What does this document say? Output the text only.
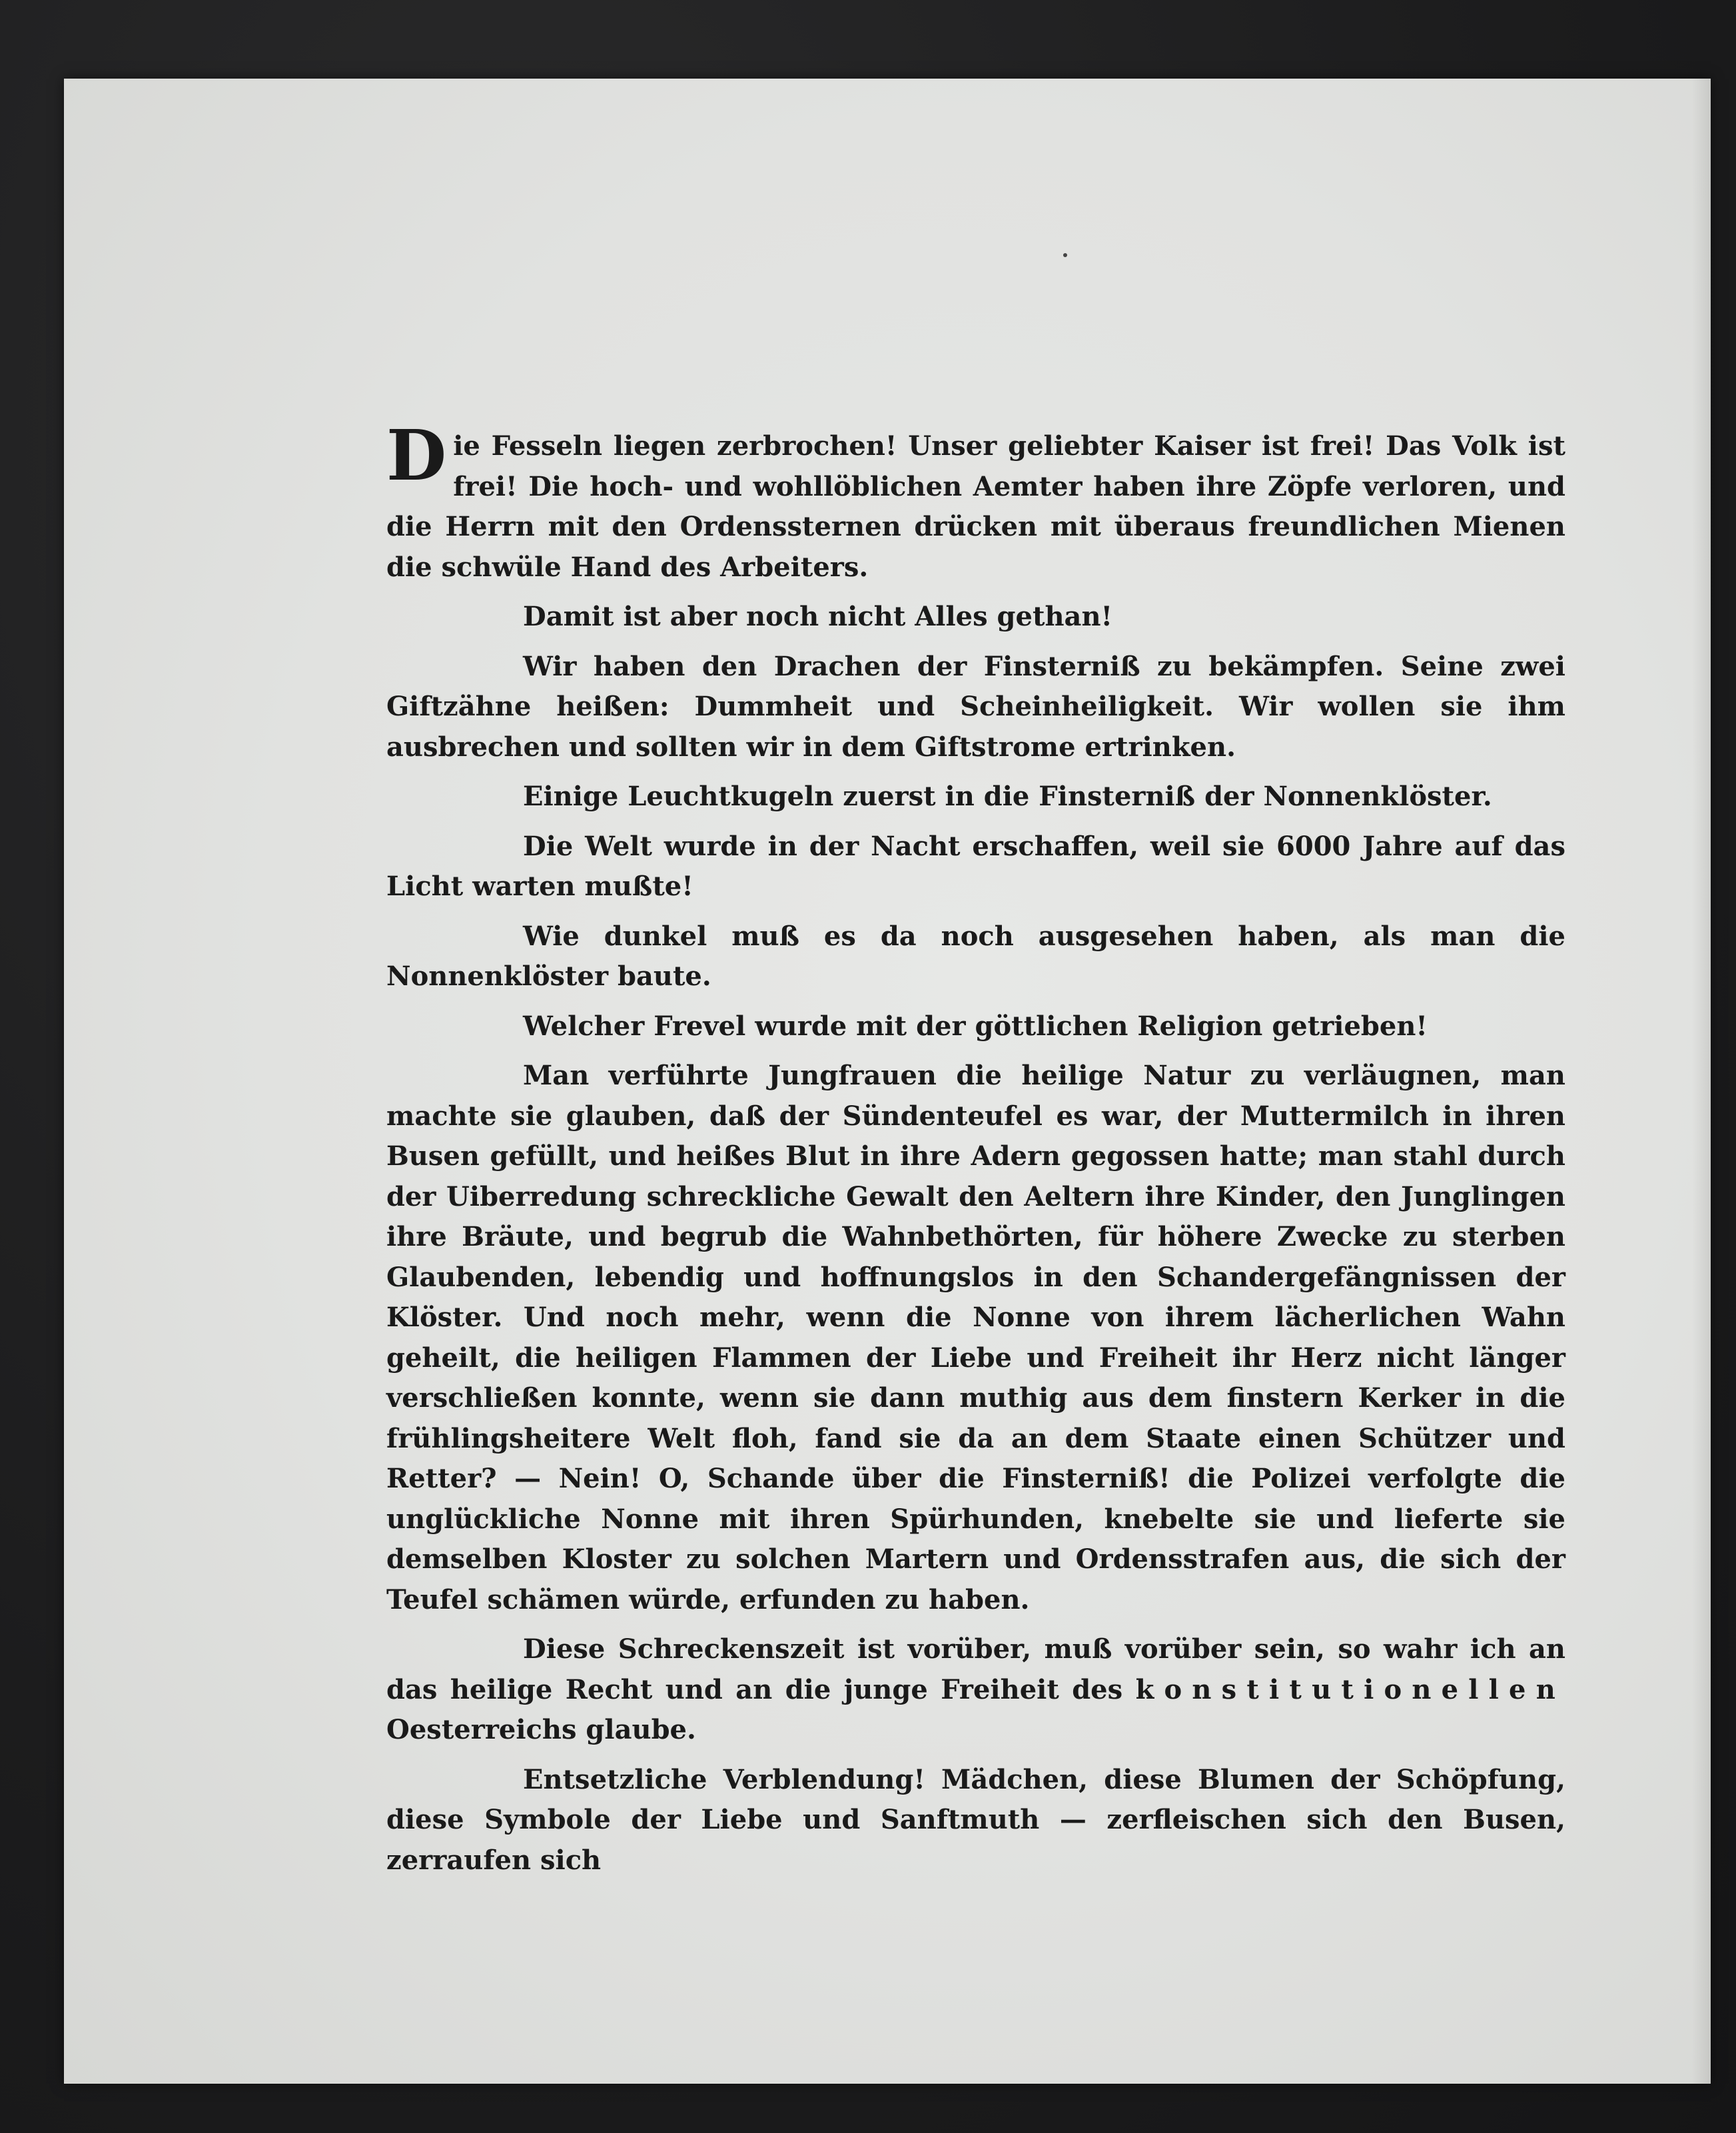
Die Fesseln liegen zerbrochen! Unser geliebter Kaiser ist frei! Das Volk ist frei! Die hoch- und wohllöblichen Aemter haben ihre Zöpfe verloren, und die Herrn mit den Ordenssternen drücken mit überaus freundlichen Mienen die schwüle Hand des Arbeiters.

Damit ist aber noch nicht Alles gethan!

Wir haben den Drachen der Finsterniß zu bekämpfen. Seine zwei Giftzähne heißen: Dummheit und Scheinheiligkeit. Wir wollen sie ihm ausbrechen und sollten wir in dem Giftstrome ertrinken.

Einige Leuchtkugeln zuerst in die Finsterniß der Nonnenklöster.

Die Welt wurde in der Nacht erschaffen, weil sie 6000 Jahre auf das Licht warten mußte!

Wie dunkel muß es da noch ausgesehen haben, als man die Nonnenklöster baute.

Welcher Frevel wurde mit der göttlichen Religion getrieben!

Man verführte Jungfrauen die heilige Natur zu verläugnen, man machte sie glauben, daß der Sündenteufel es war, der Muttermilch in ihren Busen gefüllt, und heißes Blut in ihre Adern gegossen hatte; man stahl durch der Uiberredung schreckliche Gewalt den Aeltern ihre Kinder, den Junglingen ihre Bräute, und begrub die Wahnbethörten, für höhere Zwecke zu sterben Glaubenden, lebendig und hoffnungslos in den Schandergefängnissen der Klöster. Und noch mehr, wenn die Nonne von ihrem lächerlichen Wahn geheilt, die heiligen Flammen der Liebe und Freiheit ihr Herz nicht länger verschließen konnte, wenn sie dann muthig aus dem finstern Kerker in die frühlingsheitere Welt floh, fand sie da an dem Staate einen Schützer und Retter? — Nein! O, Schande über die Finsterniß! die Polizei verfolgte die unglückliche Nonne mit ihren Spürhunden, knebelte sie und lieferte sie demselben Kloster zu solchen Martern und Ordensstrafen aus, die sich der Teufel schämen würde, erfunden zu haben.

Diese Schreckenszeit ist vorüber, muß vorüber sein, so wahr ich an das heilige Recht und an die junge Freiheit des konstitutionellen Oesterreichs glaube.

Entsetzliche Verblendung! Mädchen, diese Blumen der Schöpfung, diese Symbole der Liebe und Sanftmuth — zerfleischen sich den Busen, zerraufen sich
